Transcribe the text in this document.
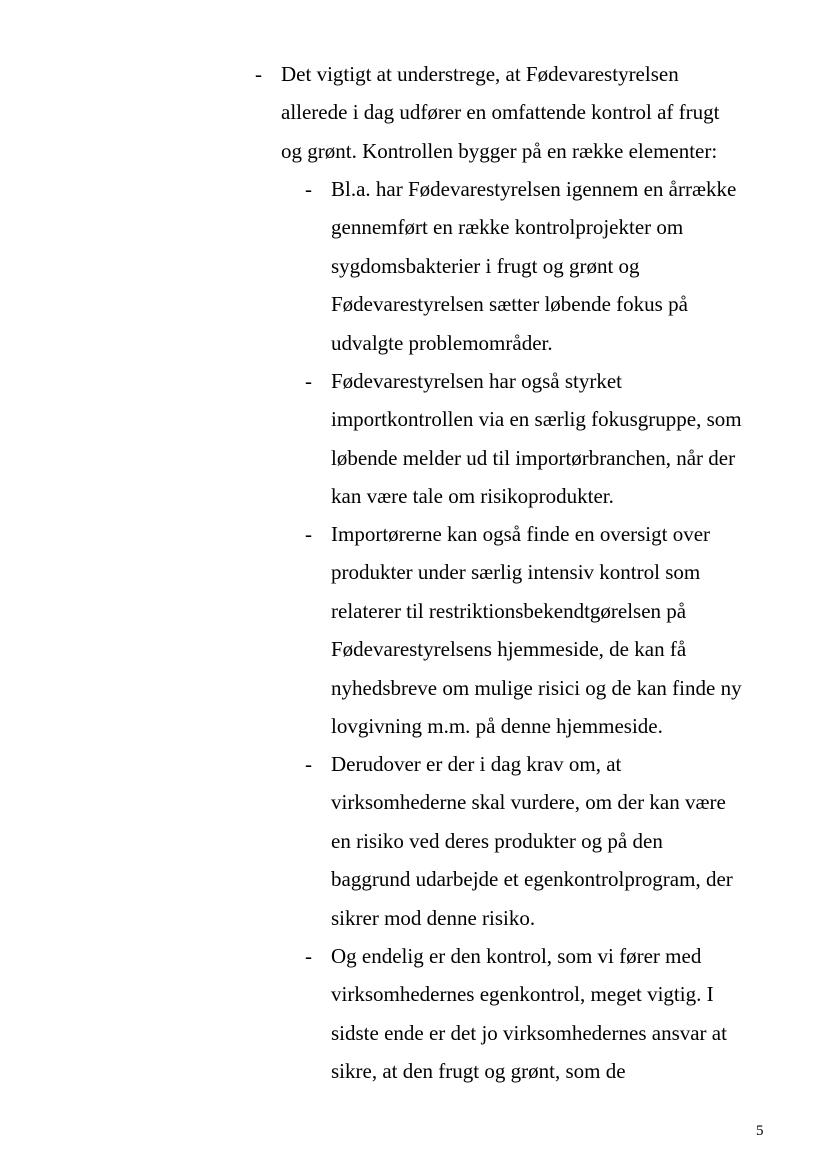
- Det vigtigt at understrege, at Fødevarestyrelsen
allerede i dag udfører en omfattende kontrol af frugt
og grønt. Kontrollen bygger på en række elementer:
- Bl.a. har Fødevarestyrelsen igennem en årrække
gennemført en række kontrolprojekter om
sygdomsbakterier i frugt og grønt og
Fødevarestyrelsen sætter løbende fokus på
udvalgte problemområder.
- Fødevarestyrelsen har også styrket
importkontrollen via en særlig fokusgruppe, som
løbende melder ud til importørbranchen, når der
kan være tale om risikoprodukter.
- Importørerne kan også finde en oversigt over
produkter under særlig intensiv kontrol som
relaterer til restriktionsbekendtgørelsen på
Fødevarestyrelsens hjemmeside, de kan få
nyhedsbreve om mulige risici og de kan finde ny
lovgivning m.m. på denne hjemmeside.
- Derudover er der i dag krav om, at
virksomhederne skal vurdere, om der kan være
en risiko ved deres produkter og på den
baggrund udarbejde et egenkontrolprogram, der
sikrer mod denne risiko.
- Og endelig er den kontrol, som vi fører med
virksomhedernes egenkontrol, meget vigtig. I
sidste ende er det jo virksomhedernes ansvar at
sikre, at den frugt og grønt, som de
5
